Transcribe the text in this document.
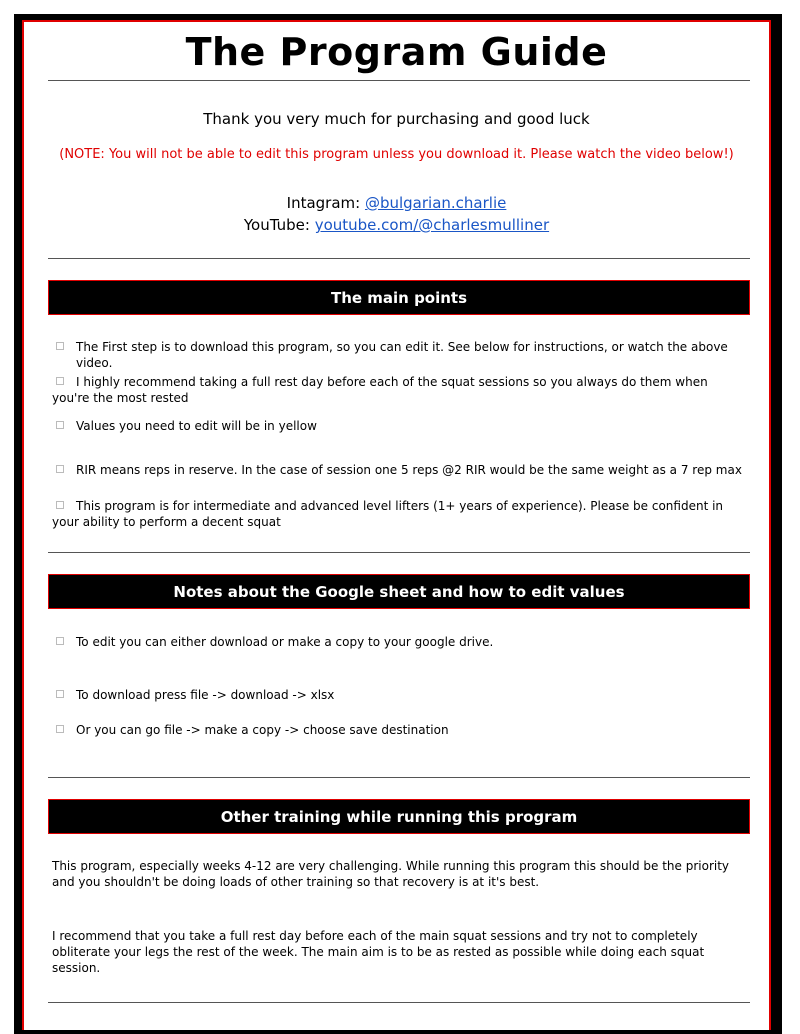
The Program Guide
Thank you very much for purchasing and good luck
(NOTE: You will not be able to edit this program unless you download it. Please watch the video below!)
Intagram: @bulgarian.charlie
YouTube: youtube.com/@charlesmulliner
The main points
The First step is to download this program, so you can edit it. See below for instructions, or watch the above video.
I highly recommend taking a full rest day before each of the squat sessions so you always do them when you're the most rested
Values you need to edit will be in yellow
RIR means reps in reserve. In the case of session one 5 reps @2 RIR would be the same weight as a 7 rep max
This program is for intermediate and advanced level lifters (1+ years of experience). Please be confident in your ability to perform a decent squat
Notes about the Google sheet and how to edit values
To edit you can either download or make a copy to your google drive.
To download press file -> download -> xlsx
Or you can go file -> make a copy -> choose save destination
Other training while running this program
This program, especially weeks 4-12 are very challenging. While running this program this should be the priority and you shouldn't be doing loads of other training so that recovery is at it's best.
I recommend that you take a full rest day before each of the main squat sessions and try not to completely obliterate your legs the rest of the week. The main aim is to be as rested as possible while doing each squat session.
